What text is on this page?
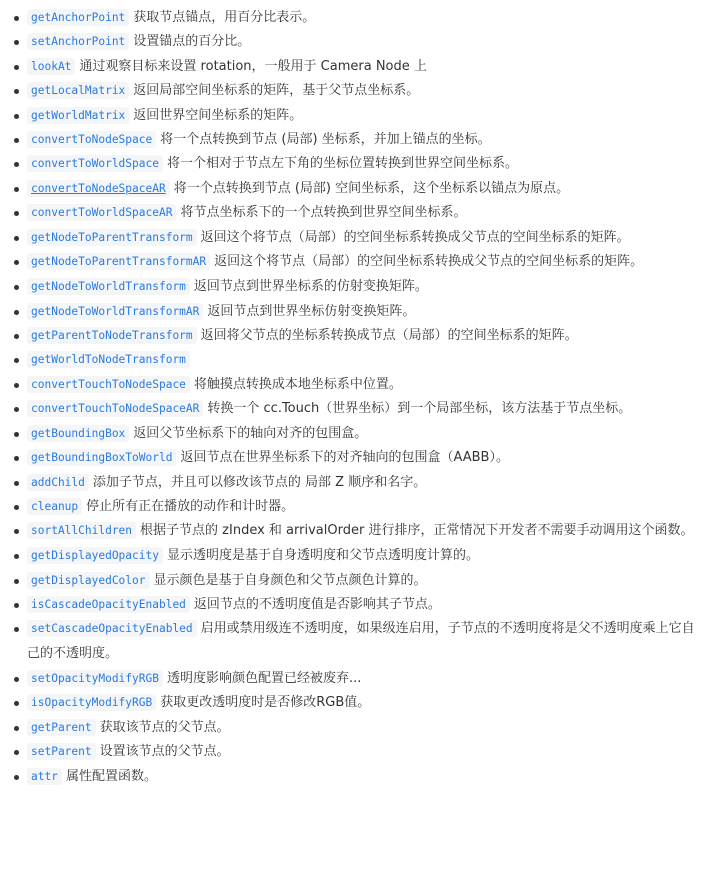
getAnchorPoint 获取节点锚点，用百分比表示。
setAnchorPoint 设置锚点的百分比。
lookAt 通过观察目标来设置 rotation，一般用于 Camera Node 上
getLocalMatrix 返回局部空间坐标系的矩阵，基于父节点坐标系。
getWorldMatrix 返回世界空间坐标系的矩阵。
convertToNodeSpace 将一个点转换到节点 (局部) 坐标系，并加上锚点的坐标。
convertToWorldSpace 将一个相对于节点左下角的坐标位置转换到世界空间坐标系。
convertToNodeSpaceAR 将一个点转换到节点 (局部) 空间坐标系，这个坐标系以锚点为原点。
convertToWorldSpaceAR 将节点坐标系下的一个点转换到世界空间坐标系。
getNodeToParentTransform 返回这个将节点（局部）的空间坐标系转换成父节点的空间坐标系的矩阵。
getNodeToParentTransformAR 返回这个将节点（局部）的空间坐标系转换成父节点的空间坐标系的矩阵。
getNodeToWorldTransform 返回节点到世界坐标系的仿射变换矩阵。
getNodeToWorldTransformAR 返回节点到世界坐标仿射变换矩阵。
getParentToNodeTransform 返回将父节点的坐标系转换成节点（局部）的空间坐标系的矩阵。
getWorldToNodeTransform
convertTouchToNodeSpace 将触摸点转换成本地坐标系中位置。
convertTouchToNodeSpaceAR 转换一个 cc.Touch（世界坐标）到一个局部坐标，该方法基于节点坐标。
getBoundingBox 返回父节坐标系下的轴向对齐的包围盒。
getBoundingBoxToWorld 返回节点在世界坐标系下的对齐轴向的包围盒（AABB）。
addChild 添加子节点，并且可以修改该节点的 局部 Z 顺序和名字。
cleanup 停止所有正在播放的动作和计时器。
sortAllChildren 根据子节点的 zIndex 和 arrivalOrder 进行排序，正常情况下开发者不需要手动调用这个函数。
getDisplayedOpacity 显示透明度是基于自身透明度和父节点透明度计算的。
getDisplayedColor 显示颜色是基于自身颜色和父节点颜色计算的。
isCascadeOpacityEnabled 返回节点的不透明度值是否影响其子节点。
setCascadeOpacityEnabled 启用或禁用级连不透明度，如果级连启用，子节点的不透明度将是父不透明度乘上它自己的不透明度。
setOpacityModifyRGB 透明度影响颜色配置已经被废弃...
isOpacityModifyRGB 获取更改透明度时是否修改RGB值。
getParent 获取该节点的父节点。
setParent 设置该节点的父节点。
attr 属性配置函数。
